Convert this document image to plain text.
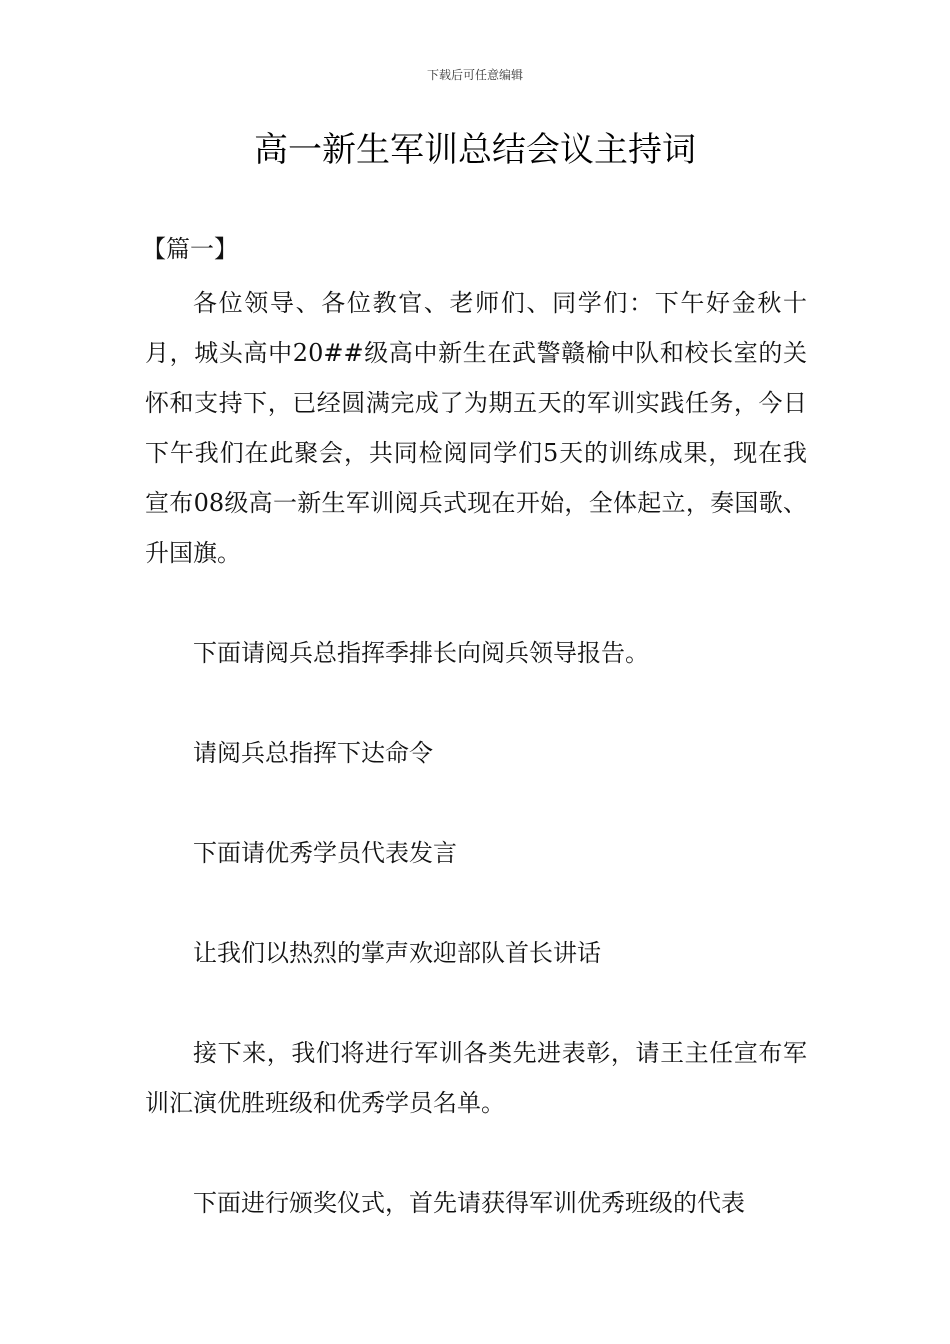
下载后可任意编辑
高一新生军训总结会议主持词
【篇一】

各位领导、各位教官、老师们、同学们：下午好金秋十月，城头高中20##级高中新生在武警赣榆中队和校长室的关怀和支持下，已经圆满完成了为期五天的军训实践任务，今日下午我们在此聚会，共同检阅同学们5天的训练成果，现在我宣布08级高一新生军训阅兵式现在开始，全体起立，奏国歌、升国旗。

下面请阅兵总指挥季排长向阅兵领导报告。

请阅兵总指挥下达命令

下面请优秀学员代表发言

让我们以热烈的掌声欢迎部队首长讲话

接下来，我们将进行军训各类先进表彰，请王主任宣布军训汇演优胜班级和优秀学员名单。

下面进行颁奖仪式，首先请获得军训优秀班级的代表
